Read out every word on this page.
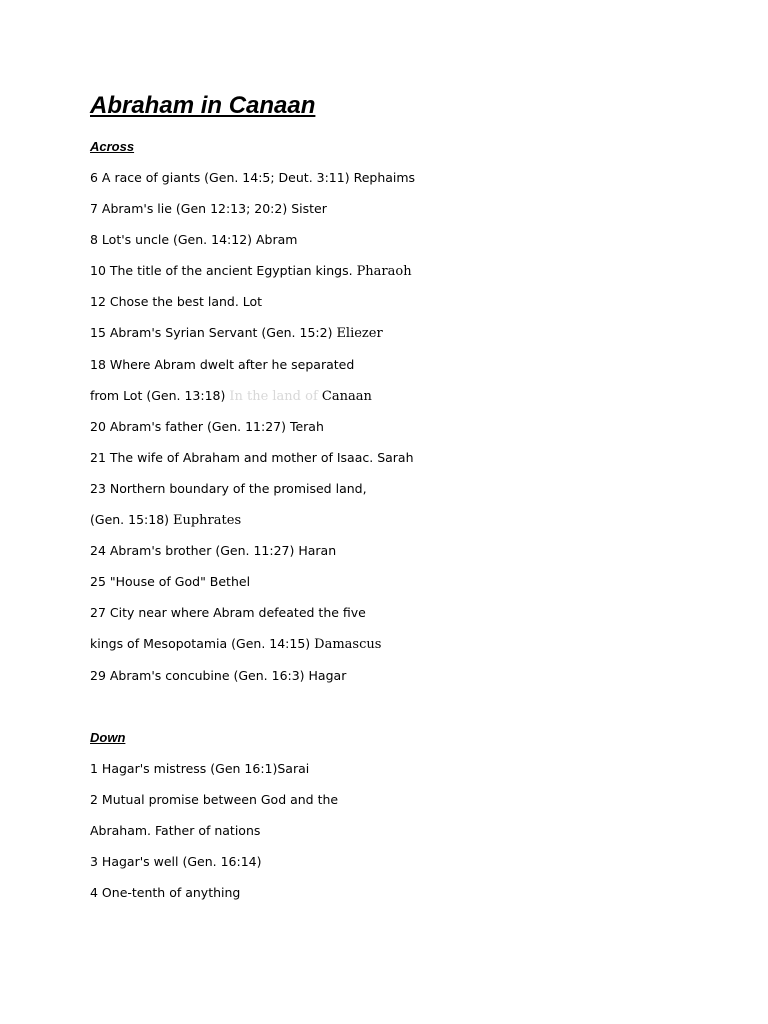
Abraham in Canaan
Across
6 A race of giants (Gen. 14:5; Deut. 3:11) Rephaims
7 Abram's lie (Gen 12:13; 20:2) Sister
8 Lot's uncle (Gen. 14:12) Abram
10 The title of the ancient Egyptian kings. Pharaoh
12 Chose the best land. Lot
15 Abram's Syrian Servant (Gen. 15:2) Eliezer
18 Where Abram dwelt after he separated
from Lot (Gen. 13:18) In the land of Canaan
20 Abram's father (Gen. 11:27) Terah
21 The wife of Abraham and mother of Isaac. Sarah
23 Northern boundary of the promised land,
(Gen. 15:18) Euphrates
24 Abram's brother (Gen. 11:27) Haran
25 "House of God" Bethel
27 City near where Abram defeated the five
kings of Mesopotamia (Gen. 14:15) Damascus
29 Abram's concubine (Gen. 16:3) Hagar
Down
1 Hagar's mistress (Gen 16:1)Sarai
2 Mutual promise between God and the
Abraham. Father of nations
3 Hagar's well (Gen. 16:14)
4 One-tenth of anything
